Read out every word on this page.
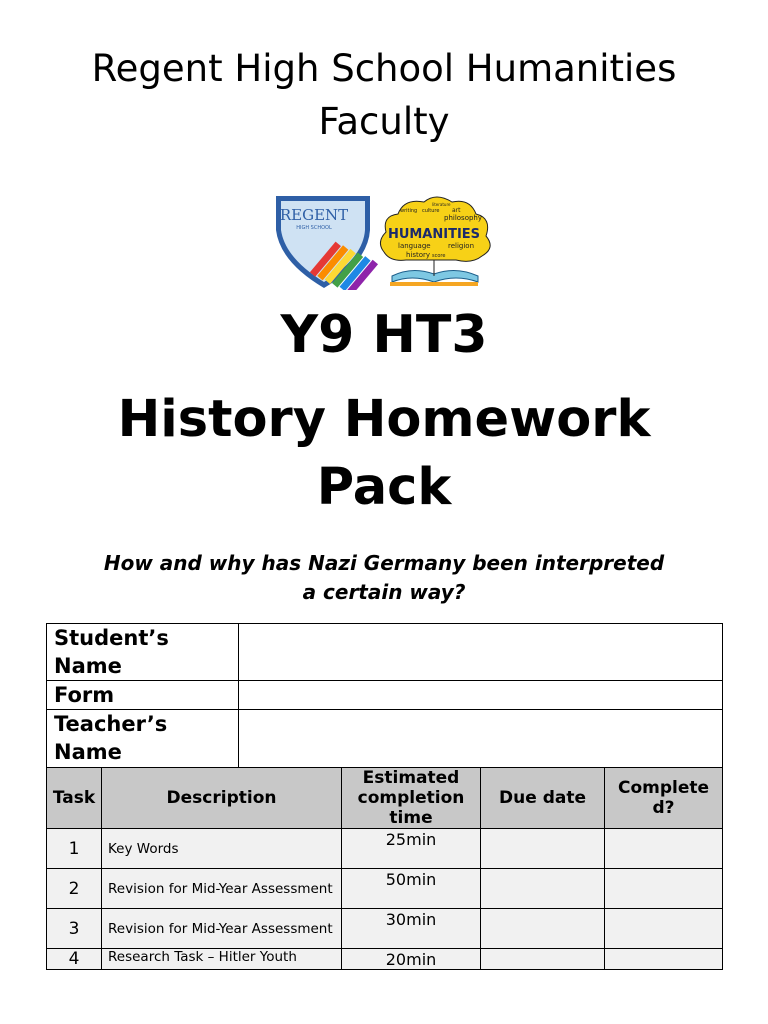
Regent High School Humanities
Faculty
REGENT
HIGH SCHOOL
writing culture art
philosophy
literature
HUMANITIES
language religion
history score
Y9 HT3
History Homework
Pack
How and why has Nazi Germany been interpreted
a certain way?
Student’s Name					
Form					
Teacher’s Name					
Task	Description		Estimated completion time	Due date	Completed?
1	Key Words		25min		
2	Revision for Mid-Year Assessment		50min		
3	Revision for Mid-Year Assessment		30min		
4	Research Task – Hitler Youth		20min		
